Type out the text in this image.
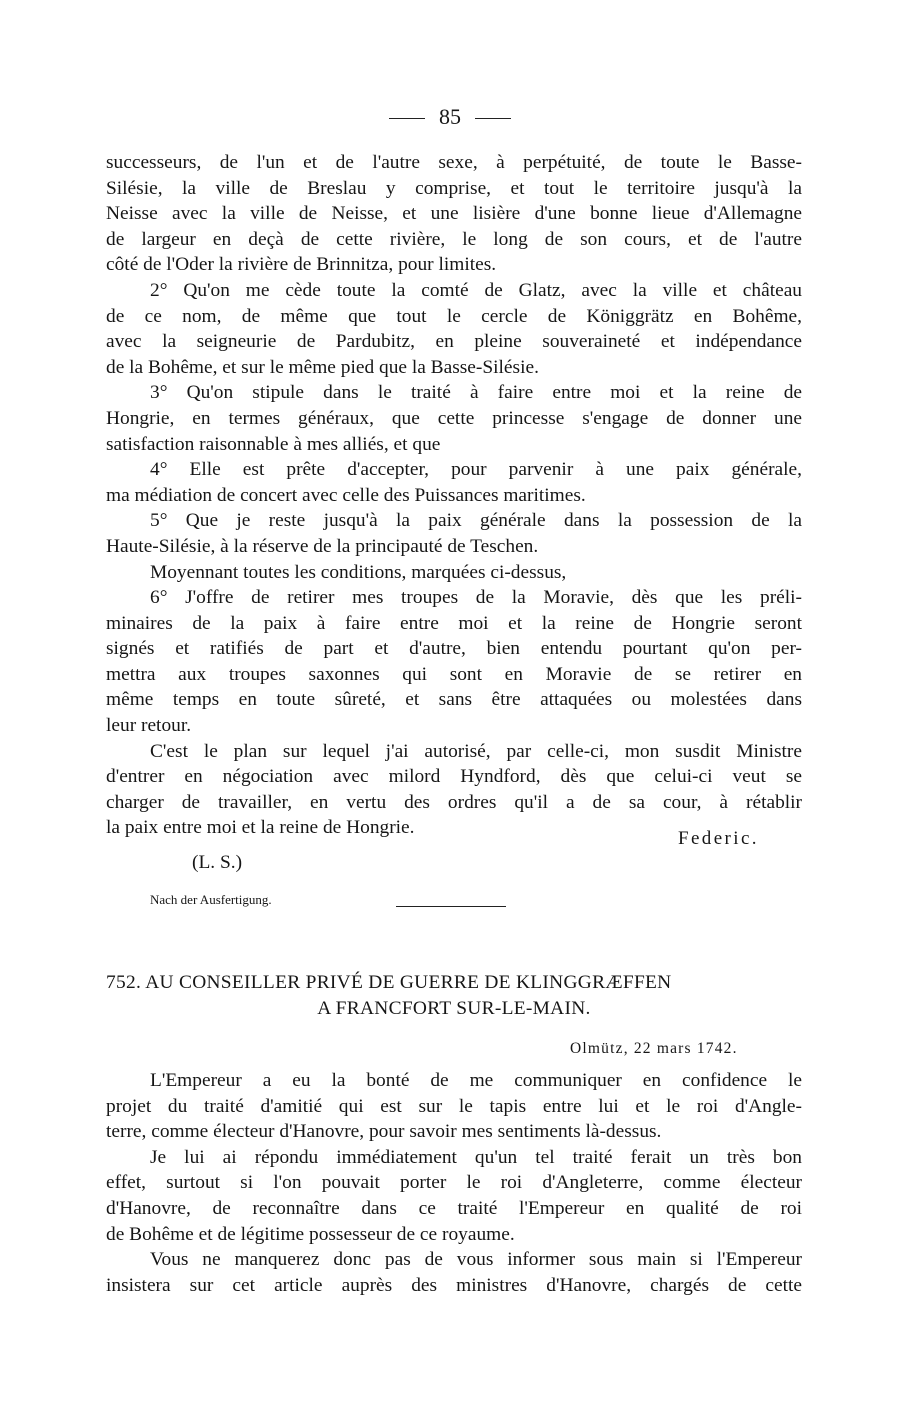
85
successeurs, de l'un et de l'autre sexe, à perpétuité, de toute le Basse-
Silésie, la ville de Breslau y comprise, et tout le territoire jusqu'à la
Neisse avec la ville de Neisse, et une lisière d'une bonne lieue d'Allemagne
de largeur en deçà de cette rivière, le long de son cours, et de l'autre
côté de l'Oder la rivière de Brinnitza, pour limites.
2° Qu'on me cède toute la comté de Glatz, avec la ville et château
de ce nom, de même que tout le cercle de Königgrätz en Bohême,
avec la seigneurie de Pardubitz, en pleine souveraineté et indépendance
de la Bohême, et sur le même pied que la Basse-Silésie.
3° Qu'on stipule dans le traité à faire entre moi et la reine de
Hongrie, en termes généraux, que cette princesse s'engage de donner une
satisfaction raisonnable à mes alliés, et que
4° Elle est prête d'accepter, pour parvenir à une paix générale,
ma médiation de concert avec celle des Puissances maritimes.
5° Que je reste jusqu'à la paix générale dans la possession de la
Haute-Silésie, à la réserve de la principauté de Teschen.
Moyennant toutes les conditions, marquées ci-dessus,
6° J'offre de retirer mes troupes de la Moravie, dès que les préli-
minaires de la paix à faire entre moi et la reine de Hongrie seront
signés et ratifiés de part et d'autre, bien entendu pourtant qu'on per-
mettra aux troupes saxonnes qui sont en Moravie de se retirer en
même temps en toute sûreté, et sans être attaquées ou molestées dans
leur retour.
C'est le plan sur lequel j'ai autorisé, par celle-ci, mon susdit Ministre
d'entrer en négociation avec milord Hyndford, dès que celui-ci veut se
charger de travailler, en vertu des ordres qu'il a de sa cour, à rétablir
la paix entre moi et la reine de Hongrie.
Federic.
(L. S.)
Nach der Ausfertigung.
752. AU CONSEILLER PRIVÉ DE GUERRE DE KLINGGRÆFFEN
A FRANCFORT SUR-LE-MAIN.
Olmütz, 22 mars 1742.
L'Empereur a eu la bonté de me communiquer en confidence le
projet du traité d'amitié qui est sur le tapis entre lui et le roi d'Angle-
terre, comme électeur d'Hanovre, pour savoir mes sentiments là-dessus.
Je lui ai répondu immédiatement qu'un tel traité ferait un très bon
effet, surtout si l'on pouvait porter le roi d'Angleterre, comme électeur
d'Hanovre, de reconnaître dans ce traité l'Empereur en qualité de roi
de Bohême et de légitime possesseur de ce royaume.
Vous ne manquerez donc pas de vous informer sous main si l'Empereur
insistera sur cet article auprès des ministres d'Hanovre, chargés de cette
